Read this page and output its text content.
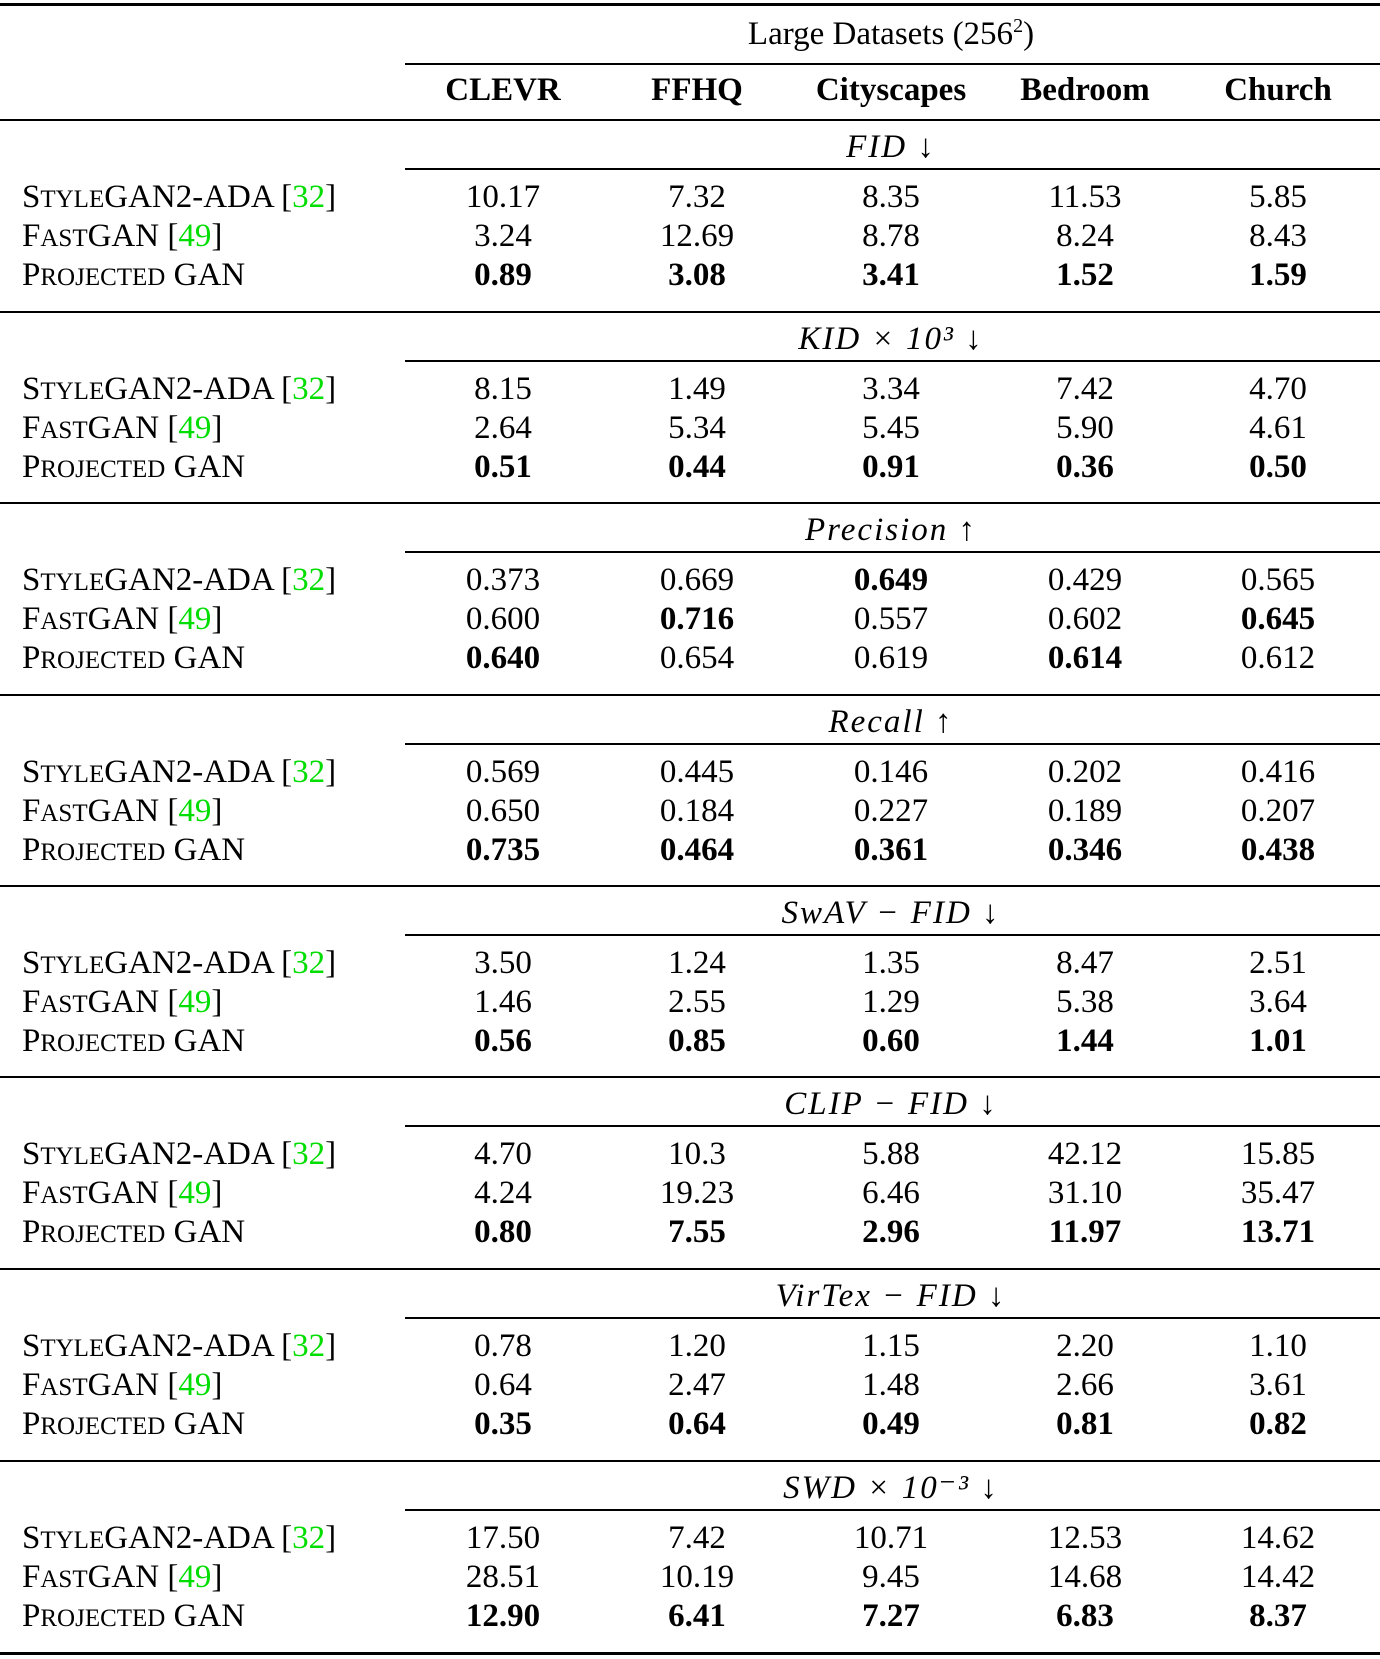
Large Datasets $(256^2)$
CLEVR	FFHQ Cityscapes Bedroom Church
FID ↓
STYLEGAN2-ADA [32]	10.17	7.32	8.35	11.53	5.85
FASTGAN [49]	3.24	12.69	8.78	8.24	8.43
PROJECTED GAN	0.89	3.08	3.41	1.52	1.59
KID × 10³ ↓
STYLEGAN2-ADA [32]	8.15	1.49	3.34	7.42	4.70
FASTGAN [49]	2.64	5.34	5.45	5.90	4.61
PROJECTED GAN	0.51	0.44	0.91	0.36	0.50
Precision ↑
STYLEGAN2-ADA [32]	0.373	0.669	0.649	0.429	0.565
FASTGAN [49]	0.600	0.716	0.557	0.602	0.645
PROJECTED GAN	0.640	0.654	0.619	0.614	0.612
Recall ↑
STYLEGAN2-ADA [32]	0.569	0.445	0.146	0.202	0.416
FASTGAN [49]	0.650	0.184	0.227	0.189	0.207
PROJECTED GAN	0.735	0.464	0.361	0.346	0.438
SwAV − FID ↓
STYLEGAN2-ADA [32]	3.50	1.24	1.35	8.47	2.51
FASTGAN [49]	1.46	2.55	1.29	5.38	3.64
PROJECTED GAN	0.56	0.85	0.60	1.44	1.01
CLIP − FID ↓
STYLEGAN2-ADA [32]	4.70	10.3	5.88	42.12	15.85
FASTGAN [49]	4.24	19.23	6.46	31.10	35.47
PROJECTED GAN	0.80	7.55	2.96	11.97	13.71
VirTex − FID ↓
STYLEGAN2-ADA [32]	0.78	1.20	1.15	2.20	1.10
FASTGAN [49]	0.64	2.47	1.48	2.66	3.61
PROJECTED GAN	0.35	0.64	0.49	0.81	0.82
SWD × 10⁻³ ↓
STYLEGAN2-ADA [32]	17.50	7.42	10.71	12.53	14.62
FASTGAN [49]	28.51	10.19	9.45	14.68	14.42
PROJECTED GAN	12.90	6.41	7.27	6.83	8.37
